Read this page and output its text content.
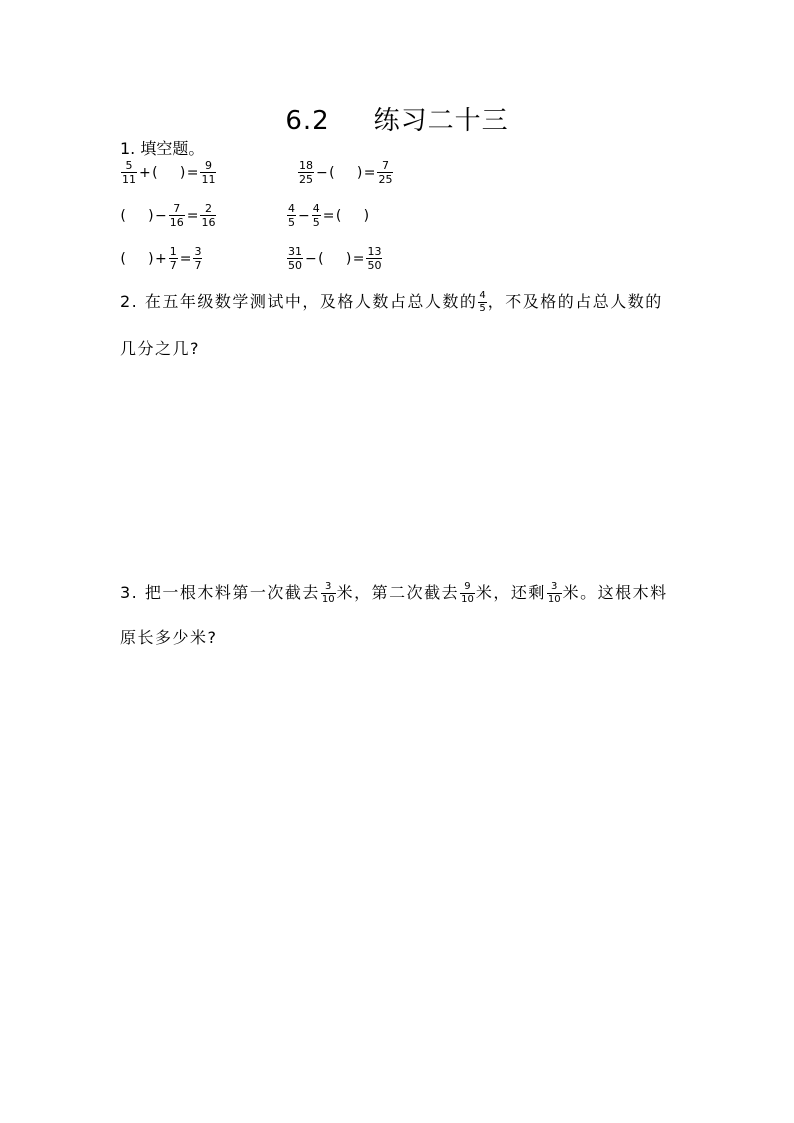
6.2 练习二十三
1. 填空题。
$\frac{5}{11}$ + ( ) = $\frac{9}{11}$	$\frac{18}{25}$ − ( ) = $\frac{7}{25}$
( ) − $\frac{7}{16} = \frac{2}{16}$	$\frac{4}{5} - \frac{4}{5}$ = ( )
( ) + $\frac{1}{7} = \frac{3}{7}$	$\frac{31}{50}$ − ( ) = $\frac{13}{50}$
2. 在五年级数学测试中，及格人数占总人数的 $\frac{4}{5}$ ，不及格的占总人数的
几分之几?
3. 把一根木料第一次截去 $\frac{3}{10}$ 米，第二次截去 $\frac{9}{10}$ 米，还剩 $\frac{3}{10}$ 米。这根木料
原长多少米?
